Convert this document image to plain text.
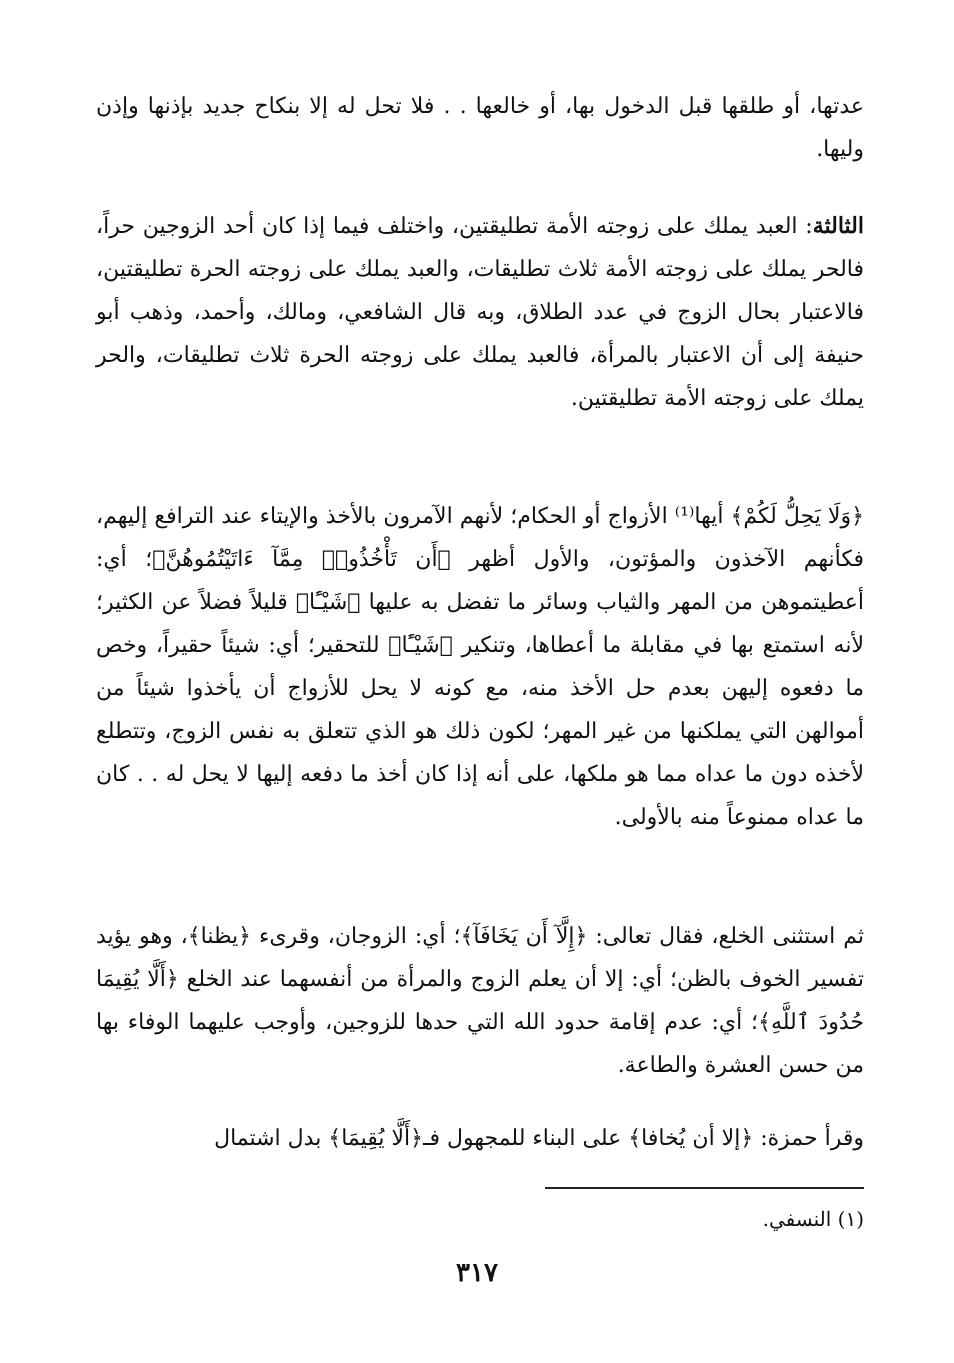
عدتها، أو طلقها قبل الدخول بها، أو خالعها . . فلا تحل له إلا بنكاح جديد بإذنها وإذن وليها.

الثالثة: العبد يملك على زوجته الأمة تطليقتين، واختلف فيما إذا كان أحد الزوجين حراً، فالحر يملك على زوجته الأمة ثلاث تطليقات، والعبد يملك على زوجته الحرة تطليقتين، فالاعتبار بحال الزوج في عدد الطلاق، وبه قال الشافعي، ومالك، وأحمد، وذهب أبو حنيفة إلى أن الاعتبار بالمرأة، فالعبد يملك على زوجته الحرة ثلاث تطليقات، والحر يملك على زوجته الأمة تطليقتين.

﴿وَلَا يَحِلُّ لَكُمْ﴾ أيها⁽¹⁾ الأزواج أو الحكام؛ لأنهم الآمرون بالأخذ والإيتاء عند الترافع إليهم، فكأنهم الآخذون والمؤتون، والأول أظهر ﴿أَن تَأْخُذُوا۟ مِمَّآ ءَاتَيْتُمُوهُنَّ﴾؛ أي: أعطيتموهن من المهر والثياب وسائر ما تفضل به عليها ﴿شَيْـًٔا﴾ قليلاً فضلاً عن الكثير؛ لأنه استمتع بها في مقابلة ما أعطاها، وتنكير ﴿شَيْـًٔا﴾ للتحقير؛ أي: شيئاً حقيراً، وخص ما دفعوه إليهن بعدم حل الأخذ منه، مع كونه لا يحل للأزواج أن يأخذوا شيئاً من أموالهن التي يملكنها من غير المهر؛ لكون ذلك هو الذي تتعلق به نفس الزوج، وتتطلع لأخذه دون ما عداه مما هو ملكها، على أنه إذا كان أخذ ما دفعه إليها لا يحل له . . كان ما عداه ممنوعاً منه بالأولى.

ثم استثنى الخلع، فقال تعالى: ﴿إِلَّآ أَن يَخَافَآ﴾؛ أي: الزوجان، وقرىء ﴿يظنا﴾، وهو يؤيد تفسير الخوف بالظن؛ أي: إلا أن يعلم الزوج والمرأة من أنفسهما عند الخلع ﴿أَلَّا يُقِيمَا حُدُودَ ٱللَّهِ﴾؛ أي: عدم إقامة حدود الله التي حدها للزوجين، وأوجب عليهما الوفاء بها من حسن العشرة والطاعة.

وقرأ حمزة: ﴿إلا أن يُخافا﴾ على البناء للمجهول فـ﴿أَلَّا يُقِيمَا﴾ بدل اشتمال

(١) النسفي.
٣١٧
